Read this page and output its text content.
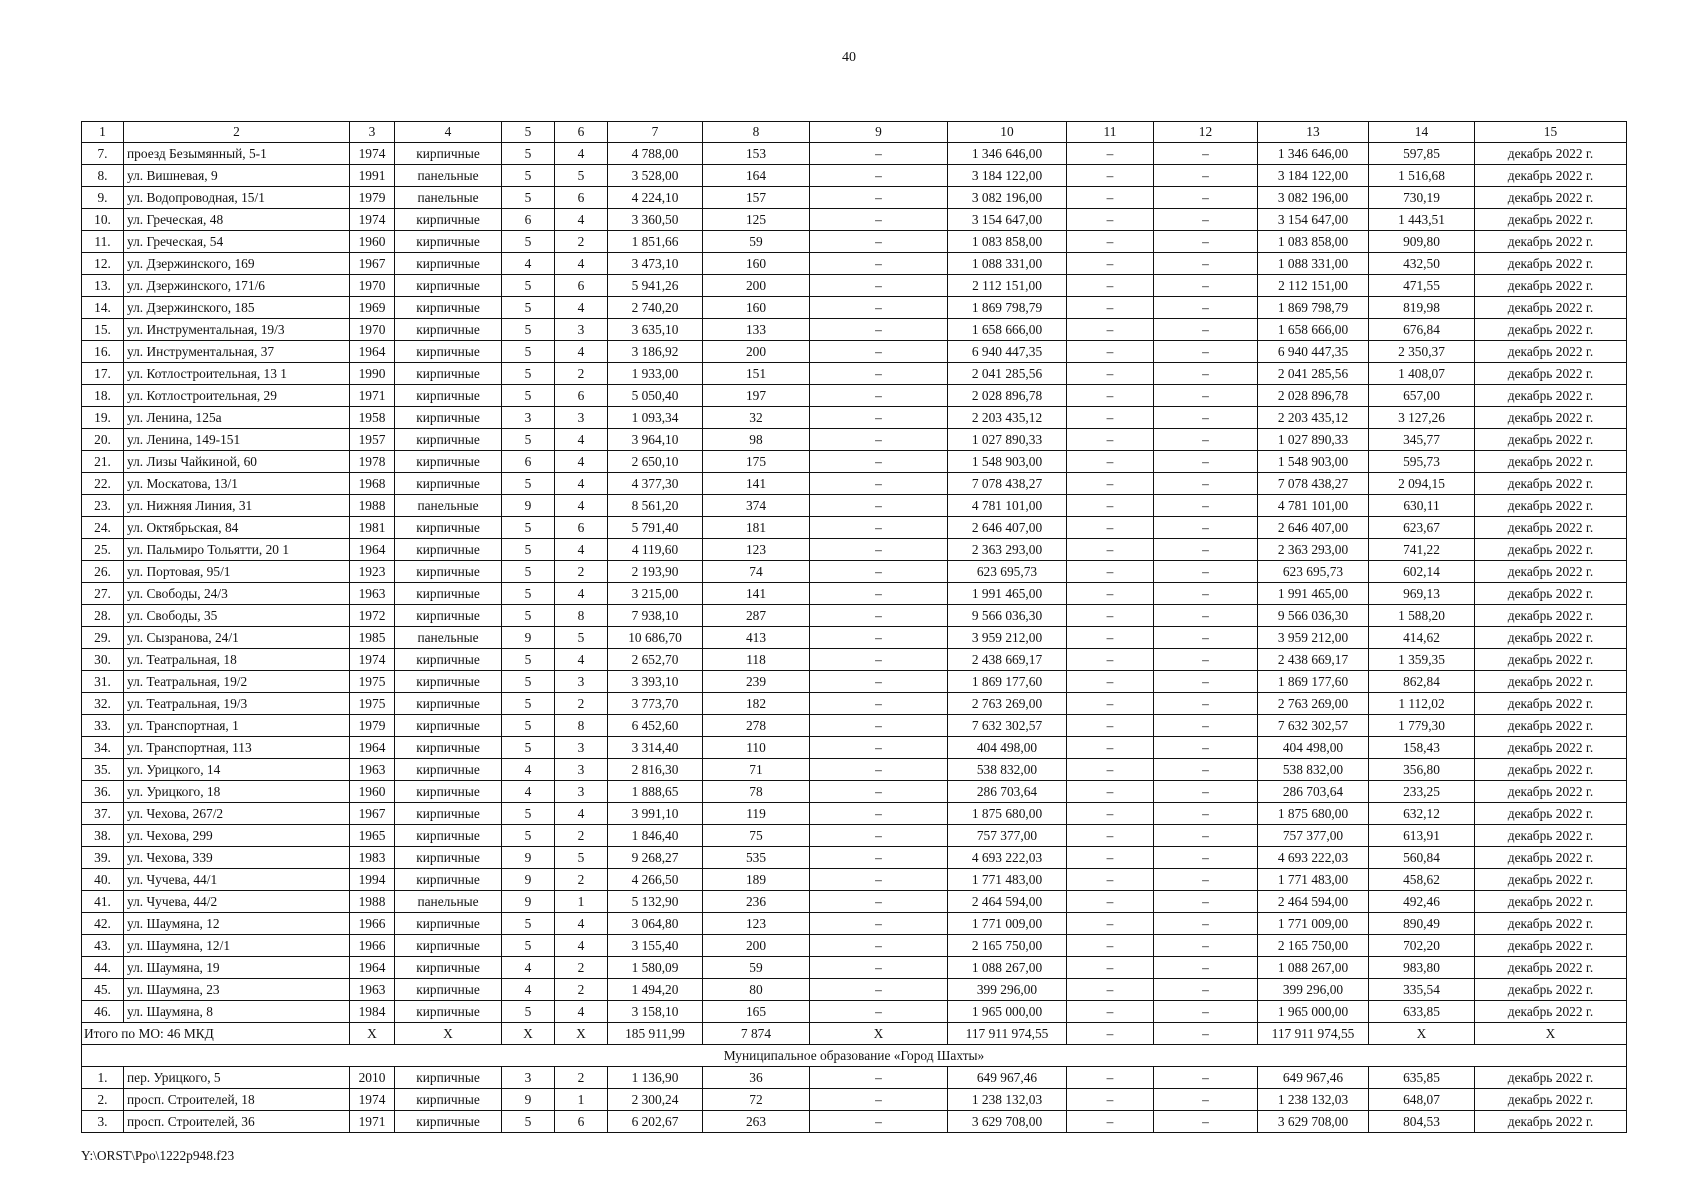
40
1	2	3	4	5	6	7	8	9	10	11	12	13	14	15
7.	проезд Безымянный, 5-1	1974	кирпичные	5	4	4 788,00	153	–	1 346 646,00	–	–	1 346 646,00	597,85	декабрь 2022 г.
8.	ул. Вишневая, 9	1991	панельные	5	5	3 528,00	164	–	3 184 122,00	–	–	3 184 122,00	1 516,68	декабрь 2022 г.
9.	ул. Водопроводная, 15/1	1979	панельные	5	6	4 224,10	157	–	3 082 196,00	–	–	3 082 196,00	730,19	декабрь 2022 г.
10.	ул. Греческая, 48	1974	кирпичные	6	4	3 360,50	125	–	3 154 647,00	–	–	3 154 647,00	1 443,51	декабрь 2022 г.
11.	ул. Греческая, 54	1960	кирпичные	5	2	1 851,66	59	–	1 083 858,00	–	–	1 083 858,00	909,80	декабрь 2022 г.
12.	ул. Дзержинского, 169	1967	кирпичные	4	4	3 473,10	160	–	1 088 331,00	–	–	1 088 331,00	432,50	декабрь 2022 г.
13.	ул. Дзержинского, 171/6	1970	кирпичные	5	6	5 941,26	200	–	2 112 151,00	–	–	2 112 151,00	471,55	декабрь 2022 г.
14.	ул. Дзержинского, 185	1969	кирпичные	5	4	2 740,20	160	–	1 869 798,79	–	–	1 869 798,79	819,98	декабрь 2022 г.
15.	ул. Инструментальная, 19/3	1970	кирпичные	5	3	3 635,10	133	–	1 658 666,00	–	–	1 658 666,00	676,84	декабрь 2022 г.
16.	ул. Инструментальная, 37	1964	кирпичные	5	4	3 186,92	200	–	6 940 447,35	–	–	6 940 447,35	2 350,37	декабрь 2022 г.
17.	ул. Котлостроительная, 13 1	1990	кирпичные	5	2	1 933,00	151	–	2 041 285,56	–	–	2 041 285,56	1 408,07	декабрь 2022 г.
18.	ул. Котлостроительная, 29	1971	кирпичные	5	6	5 050,40	197	–	2 028 896,78	–	–	2 028 896,78	657,00	декабрь 2022 г.
19.	ул. Ленина, 125а	1958	кирпичные	3	3	1 093,34	32	–	2 203 435,12	–	–	2 203 435,12	3 127,26	декабрь 2022 г.
20.	ул. Ленина, 149-151	1957	кирпичные	5	4	3 964,10	98	–	1 027 890,33	–	–	1 027 890,33	345,77	декабрь 2022 г.
21.	ул. Лизы Чайкиной, 60	1978	кирпичные	6	4	2 650,10	175	–	1 548 903,00	–	–	1 548 903,00	595,73	декабрь 2022 г.
22.	ул. Москатова, 13/1	1968	кирпичные	5	4	4 377,30	141	–	7 078 438,27	–	–	7 078 438,27	2 094,15	декабрь 2022 г.
23.	ул. Нижняя Линия, 31	1988	панельные	9	4	8 561,20	374	–	4 781 101,00	–	–	4 781 101,00	630,11	декабрь 2022 г.
24.	ул. Октябрьская, 84	1981	кирпичные	5	6	5 791,40	181	–	2 646 407,00	–	–	2 646 407,00	623,67	декабрь 2022 г.
25.	ул. Пальмиро Тольятти, 20 1	1964	кирпичные	5	4	4 119,60	123	–	2 363 293,00	–	–	2 363 293,00	741,22	декабрь 2022 г.
26.	ул. Портовая, 95/1	1923	кирпичные	5	2	2 193,90	74	–	623 695,73	–	–	623 695,73	602,14	декабрь 2022 г.
27.	ул. Свободы, 24/3	1963	кирпичные	5	4	3 215,00	141	–	1 991 465,00	–	–	1 991 465,00	969,13	декабрь 2022 г.
28.	ул. Свободы, 35	1972	кирпичные	5	8	7 938,10	287	–	9 566 036,30	–	–	9 566 036,30	1 588,20	декабрь 2022 г.
29.	ул. Сызранова, 24/1	1985	панельные	9	5	10 686,70	413	–	3 959 212,00	–	–	3 959 212,00	414,62	декабрь 2022 г.
30.	ул. Театральная, 18	1974	кирпичные	5	4	2 652,70	118	–	2 438 669,17	–	–	2 438 669,17	1 359,35	декабрь 2022 г.
31.	ул. Театральная, 19/2	1975	кирпичные	5	3	3 393,10	239	–	1 869 177,60	–	–	1 869 177,60	862,84	декабрь 2022 г.
32.	ул. Театральная, 19/3	1975	кирпичные	5	2	3 773,70	182	–	2 763 269,00	–	–	2 763 269,00	1 112,02	декабрь 2022 г.
33.	ул. Транспортная, 1	1979	кирпичные	5	8	6 452,60	278	–	7 632 302,57	–	–	7 632 302,57	1 779,30	декабрь 2022 г.
34.	ул. Транспортная, 113	1964	кирпичные	5	3	3 314,40	110	–	404 498,00	–	–	404 498,00	158,43	декабрь 2022 г.
35.	ул. Урицкого, 14	1963	кирпичные	4	3	2 816,30	71	–	538 832,00	–	–	538 832,00	356,80	декабрь 2022 г.
36.	ул. Урицкого, 18	1960	кирпичные	4	3	1 888,65	78	–	286 703,64	–	–	286 703,64	233,25	декабрь 2022 г.
37.	ул. Чехова, 267/2	1967	кирпичные	5	4	3 991,10	119	–	1 875 680,00	–	–	1 875 680,00	632,12	декабрь 2022 г.
38.	ул. Чехова, 299	1965	кирпичные	5	2	1 846,40	75	–	757 377,00	–	–	757 377,00	613,91	декабрь 2022 г.
39.	ул. Чехова, 339	1983	кирпичные	9	5	9 268,27	535	–	4 693 222,03	–	–	4 693 222,03	560,84	декабрь 2022 г.
40.	ул. Чучева, 44/1	1994	кирпичные	9	2	4 266,50	189	–	1 771 483,00	–	–	1 771 483,00	458,62	декабрь 2022 г.
41.	ул. Чучева, 44/2	1988	панельные	9	1	5 132,90	236	–	2 464 594,00	–	–	2 464 594,00	492,46	декабрь 2022 г.
42.	ул. Шаумяна, 12	1966	кирпичные	5	4	3 064,80	123	–	1 771 009,00	–	–	1 771 009,00	890,49	декабрь 2022 г.
43.	ул. Шаумяна, 12/1	1966	кирпичные	5	4	3 155,40	200	–	2 165 750,00	–	–	2 165 750,00	702,20	декабрь 2022 г.
44.	ул. Шаумяна, 19	1964	кирпичные	4	2	1 580,09	59	–	1 088 267,00	–	–	1 088 267,00	983,80	декабрь 2022 г.
45.	ул. Шаумяна, 23	1963	кирпичные	4	2	1 494,20	80	–	399 296,00	–	–	399 296,00	335,54	декабрь 2022 г.
46.	ул. Шаумяна, 8	1984	кирпичные	5	4	3 158,10	165	–	1 965 000,00	–	–	1 965 000,00	633,85	декабрь 2022 г.
Итого по МО: 46 МКД		X	X	X	X	185 911,99	7 874	X	117 911 974,55	–	–	117 911 974,55	X	X
Муниципальное образование «Город Шахты»														
1.	пер. Урицкого, 5	2010	кирпичные	3	2	1 136,90	36	–	649 967,46	–	–	649 967,46	635,85	декабрь 2022 г.
2.	просп. Строителей, 18	1974	кирпичные	9	1	2 300,24	72	–	1 238 132,03	–	–	1 238 132,03	648,07	декабрь 2022 г.
3.	просп. Строителей, 36	1971	кирпичные	5	6	6 202,67	263	–	3 629 708,00	–	–	3 629 708,00	804,53	декабрь 2022 г.
Y:\ORST\Ppo\1222p948.f23
